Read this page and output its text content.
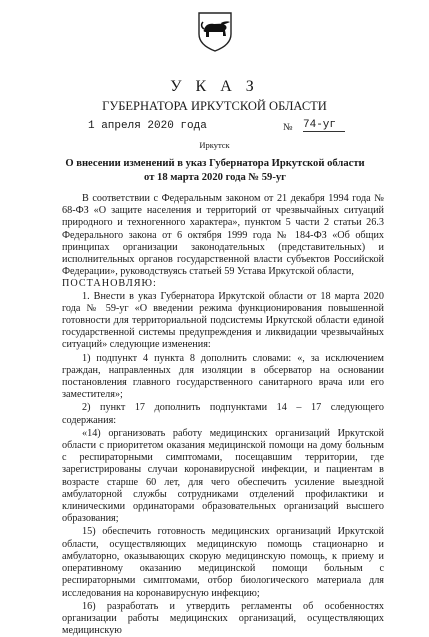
У К А З
ГУБЕРНАТОРА ИРКУТСКОЙ ОБЛАСТИ
1 апреля 2020 года	№ 74-уг
Иркутск
О внесении изменений в указ Губернатора Иркутской области
от 18 марта 2020 года № 59-уг

В соответствии с Федеральным законом от 21 декабря 1994 года № 68-ФЗ «О защите населения и территорий от чрезвычайных ситуаций природного и техногенного характера», пунктом 5 части 2 статьи 26.3 Федерального закона от 6 октября 1999 года № 184-ФЗ «Об общих принципах организации законодательных (представительных) и исполнительных органов государственной власти субъектов Российской Федерации», руководствуясь статьей 59 Устава Иркутской области,

ПОСТАНОВЛЯЮ:

1. Внести в указ Губернатора Иркутской области от 18 марта 2020 года № 59-уг «О введении режима функционирования повышенной готовности для территориальной подсистемы Иркутской области единой государственной системы предупреждения и ликвидации чрезвычайных ситуаций» следующие изменения:

1) подпункт 4 пункта 8 дополнить словами: «, за исключением граждан, направленных для изоляции в обсерватор на основании постановления главного государственного санитарного врача или его заместителя»;

2) пункт 17 дополнить подпунктами 14 – 17 следующего содержания:

«14) организовать работу медицинских организаций Иркутской области с приоритетом оказания медицинской помощи на дому больным с респираторными симптомами, посещавшим территории, где зарегистрированы случаи коронавирусной инфекции, и пациентам в возрасте старше 60 лет, для чего обеспечить усиление выездной амбулаторной службы сотрудниками отделений профилактики и клиническими ординаторами образовательных организаций высшего образования;

15) обеспечить готовность медицинских организаций Иркутской области, осуществляющих медицинскую помощь стационарно и амбулаторно, оказывающих скорую медицинскую помощь, к приему и оперативному оказанию медицинской помощи больным с респираторными симптомами, отбор биологического материала для исследования на коронавирусную инфекцию;

16) разработать и утвердить регламенты об особенностях организации работы медицинских организаций, осуществляющих медицинскую
